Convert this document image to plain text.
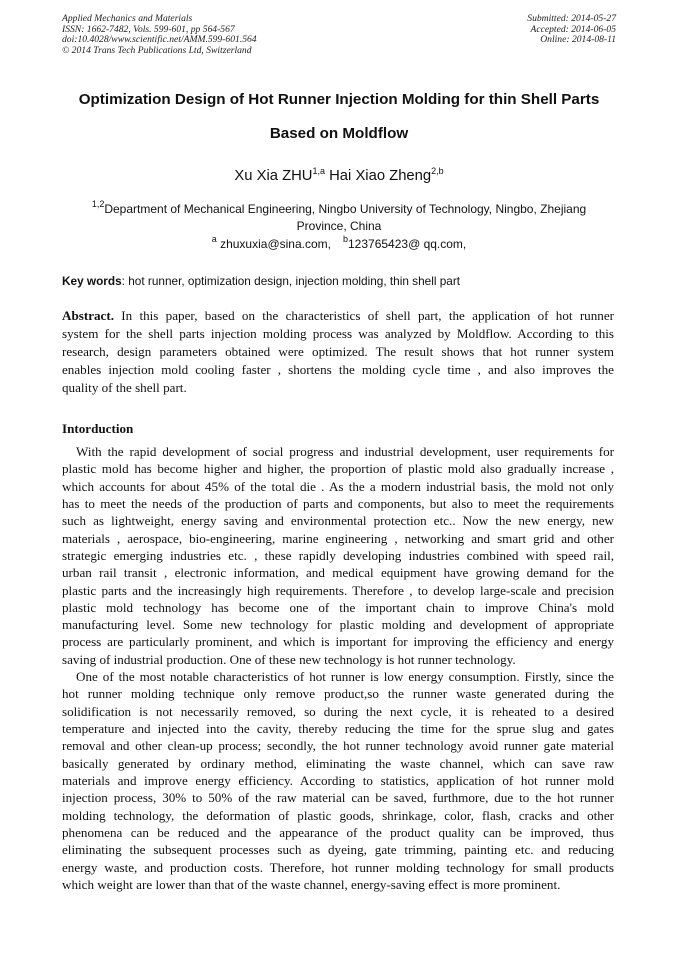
Applied Mechanics and Materials
ISSN: 1662-7482, Vols. 599-601, pp 564-567
doi:10.4028/www.scientific.net/AMM.599-601.564
© 2014 Trans Tech Publications Ltd, Switzerland
Submitted: 2014-05-27
Accepted: 2014-06-05
Online: 2014-08-11
Optimization Design of Hot Runner Injection Molding for thin Shell Parts
Based on Moldflow
Xu Xia ZHU$^{1,a}$ Hai Xiao Zheng$^{2,b}$
$^{1,2}$Department of Mechanical Engineering, Ningbo University of Technology, Ningbo, Zhejiang
Province, China
$^a$ zhuxuxia@sina.com, $^b$123765423@ qq.com,
Key words: hot runner, optimization design, injection molding, thin shell part
Abstract. In this paper, based on the characteristics of shell part, the application of hot runner
system for the shell parts injection molding process was analyzed by Moldflow. According to this
research, design parameters obtained were optimized. The result shows that hot runner system
enables injection mold cooling faster , shortens the molding cycle time , and also improves the
quality of the shell part.
Intorduction
With the rapid development of social progress and industrial development, user requirements for
plastic mold has become higher and higher, the proportion of plastic mold also gradually increase ,
which accounts for about 45% of the total die . As the a modern industrial basis, the mold not only
has to meet the needs of the production of parts and components, but also to meet the requirements
such as lightweight, energy saving and environmental protection etc.. Now the new energy, new
materials , aerospace, bio-engineering, marine engineering , networking and smart grid and other
strategic emerging industries etc. , these rapidly developing industries combined with speed rail,
urban rail transit , electronic information, and medical equipment have growing demand for the
plastic parts and the increasingly high requirements. Therefore , to develop large-scale and precision
plastic mold technology has become one of the important chain to improve China's mold
manufacturing level. Some new technology for plastic molding and development of appropriate
process are particularly prominent, and which is important for improving the efficiency and energy
saving of industrial production. One of these new technology is hot runner technology.
One of the most notable characteristics of hot runner is low energy consumption. Firstly, since the
hot runner molding technique only remove product,so the runner waste generated during the
solidification is not necessarily removed, so during the next cycle, it is reheated to a desired
temperature and injected into the cavity, thereby reducing the time for the sprue slug and gates
removal and other clean-up process; secondly, the hot runner technology avoid runner gate material
basically generated by ordinary method, eliminating the waste channel, which can save raw
materials and improve energy efficiency. According to statistics, application of hot runner mold
injection process, 30% to 50% of the raw material can be saved, furthmore, due to the hot runner
molding technology, the deformation of plastic goods, shrinkage, color, flash, cracks and other
phenomena can be reduced and the appearance of the product quality can be improved, thus
eliminating the subsequent processes such as dyeing, gate trimming, painting etc. and reducing
energy waste, and production costs. Therefore, hot runner molding technology for small products
which weight are lower than that of the waste channel, energy-saving effect is more prominent.
